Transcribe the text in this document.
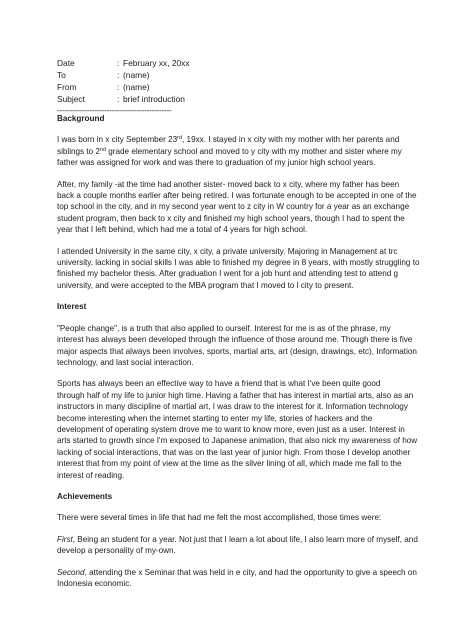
Date	: February xx, 20xx
To	: (name)
From	: (name)
Subject	: brief introduction
----------------------------------------------
Background
I was born in x city September 23rd, 19xx. I stayed in x city with my mother with her parents and
siblings to 2nd grade elementary school and moved to y city with my mother and sister where my
father was assigned for work and was there to graduation of my junior high school years.
After, my family -at the time had another sister- moved back to x city, where my father has been
back a couple months earlier after being retired. I was fortunate enough to be accepted in one of the
top school in the city, and in my second year went to z city in W country for a year as an exchange
student program, then back to x city and finished my high school years, though I had to spent the
year that I left behind, which had me a total of 4 years for high school.
I attended University in the same city, x city, a private university. Majoring in Management at trc
university, lacking in social skills I was able to finished my degree in 8 years, with mostly struggling to
finished my bachelor thesis. After graduation I went for a job hunt and attending test to attend g
university, and were accepted to the MBA program that I moved to l city to present.
Interest
"People change", is a truth that also applied to ourself. Interest for me is as of the phrase, my
interest has always been developed through the influence of those around me. Though there is five
major aspects that always been involves, sports, martial arts, art (design, drawings, etc), Information
technology, and last social interaction.
Sports has always been an effective way to have a friend that is what I've been quite good
through half of my life to junior high time. Having a father that has interest in martial arts, also as an
instructors in many discipline of martial art, I was draw to the interest for it. Information technology
become interesting when the internet starting to enter my life, stories of hackers and the
development of operating system drove me to want to know more, even just as a user. Interest in
arts started to growth since I'm exposed to Japanese animation, that also nick my awareness of how
lacking of social interactions, that was on the last year of junior high. From those I develop another
interest that from my point of view at the time as the silver lining of all, which made me fall to the
interest of reading.
Achievements
There were several times in life that had me felt the most accomplished, those times were:
First, Being an student for a year. Not just that I learn a lot about life, I also learn more of myself, and
develop a personality of my-own.
Second, attending the x Seminar that was held in e city, and had the opportunity to give a speech on
Indonesia economic.
